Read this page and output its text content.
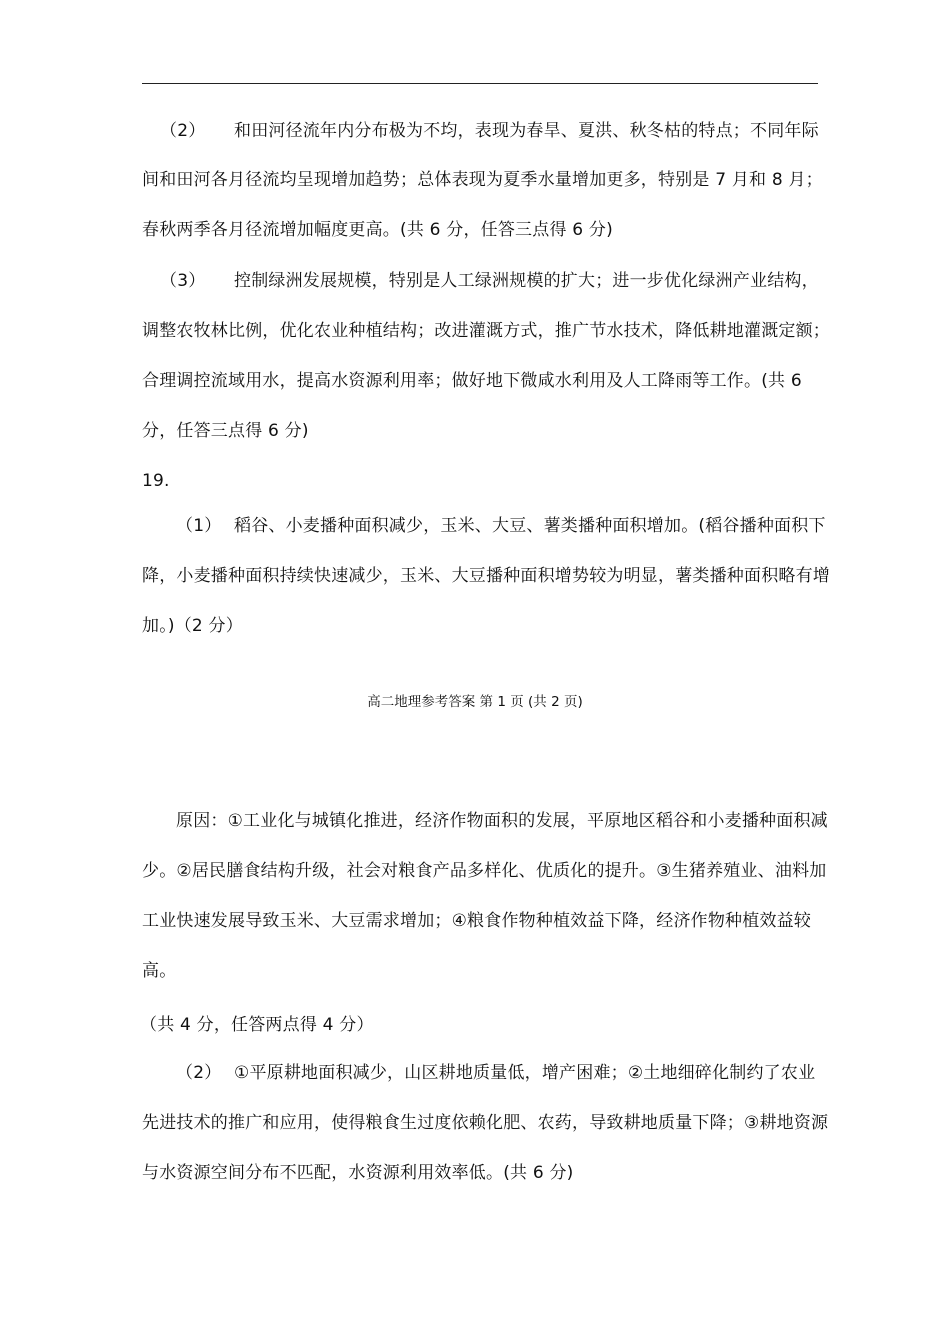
（2） 和田河径流年内分布极为不均，表现为春旱、夏洪、秋冬枯的特点；不同年际
间和田河各月径流均呈现增加趋势；总体表现为夏季水量增加更多，特别是 7 月和 8 月；
春秋两季各月径流增加幅度更高。(共 6 分，任答三点得 6 分)
（3） 控制绿洲发展规模，特别是人工绿洲规模的扩大；进一步优化绿洲产业结构，
调整农牧林比例，优化农业种植结构；改进灌溉方式，推广节水技术，降低耕地灌溉定额；
合理调控流域用水，提高水资源利用率；做好地下微咸水利用及人工降雨等工作。(共 6
分，任答三点得 6 分)
19.
（1） 稻谷、小麦播种面积减少，玉米、大豆、薯类播种面积增加。(稻谷播种面积下
降，小麦播种面积持续快速减少，玉米、大豆播种面积增势较为明显，薯类播种面积略有增
加。)（2 分）
高二地理参考答案 第 1 页 (共 2 页)
原因：①工业化与城镇化推进，经济作物面积的发展，平原地区稻谷和小麦播种面积减
少。②居民膳食结构升级，社会对粮食产品多样化、优质化的提升。③生猪养殖业、油料加
工业快速发展导致玉米、大豆需求增加；④粮食作物种植效益下降，经济作物种植效益较
高。
（共 4 分，任答两点得 4 分）
（2） ①平原耕地面积减少，山区耕地质量低，增产困难；②土地细碎化制约了农业
先进技术的推广和应用，使得粮食生过度依赖化肥、农药，导致耕地质量下降；③耕地资源
与水资源空间分布不匹配，水资源利用效率低。(共 6 分)
